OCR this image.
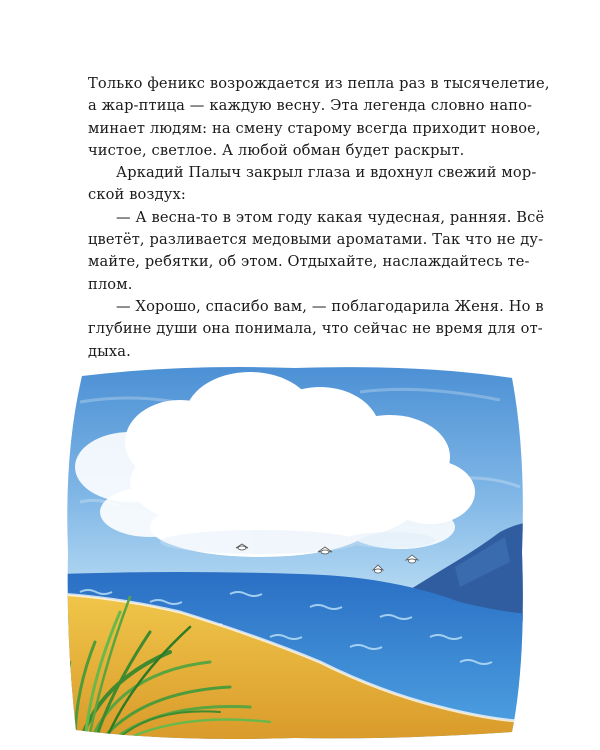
Только феникс возрождается из пепла раз в тысячелетие,
а жар-птица — каждую весну. Эта легенда словно напо-
минает людям: на смену старому всегда приходит новое,
чистое, светлое. А любой обман будет раскрыт.
Аркадий Палыч закрыл глаза и вдохнул свежий мор-
ской воздух:
— А весна-то в этом году какая чудесная, ранняя. Всё
цветёт, разливается медовыми ароматами. Так что не ду-
майте, ребятки, об этом. Отдыхайте, наслаждайтесь те-
плом.
— Хорошо, спасибо вам, — поблагодарила Женя. Но в
глубине души она понимала, что сейчас не время для от-
дыха.
